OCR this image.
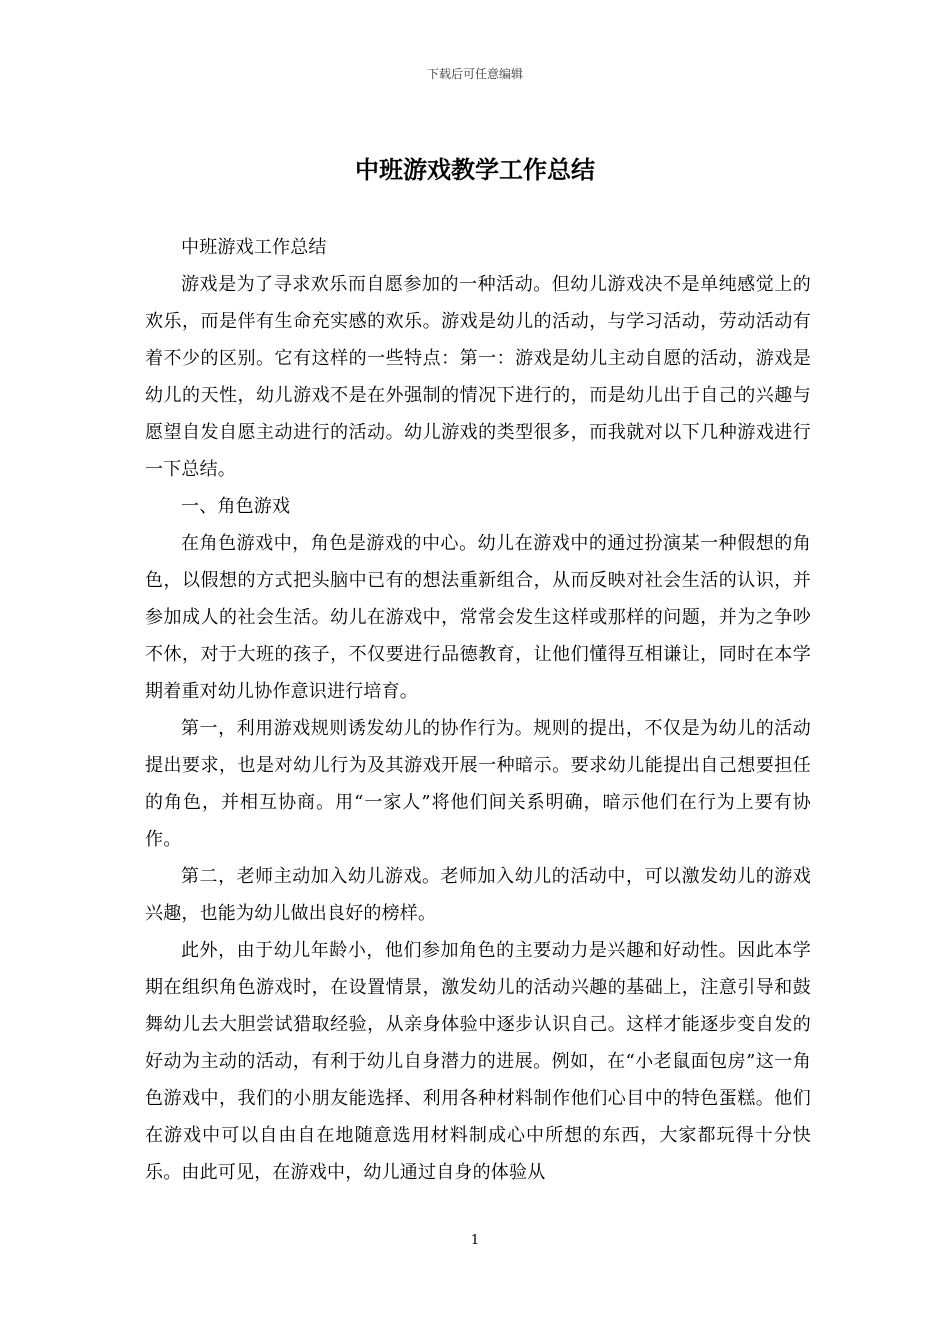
下载后可任意编辑
中班游戏教学工作总结

中班游戏工作总结

游戏是为了寻求欢乐而自愿参加的一种活动。但幼儿游戏决不是单纯感觉上的欢乐，而是伴有生命充实感的欢乐。游戏是幼儿的活动，与学习活动，劳动活动有着不少的区别。它有这样的一些特点：第一：游戏是幼儿主动自愿的活动，游戏是幼儿的天性，幼儿游戏不是在外强制的情况下进行的，而是幼儿出于自己的兴趣与愿望自发自愿主动进行的活动。幼儿游戏的类型很多，而我就对以下几种游戏进行一下总结。

一、角色游戏

在角色游戏中，角色是游戏的中心。幼儿在游戏中的通过扮演某一种假想的角色，以假想的方式把头脑中已有的想法重新组合，从而反映对社会生活的认识，并参加成人的社会生活。幼儿在游戏中，常常会发生这样或那样的问题，并为之争吵不休，对于大班的孩子，不仅要进行品德教育，让他们懂得互相谦让，同时在本学期着重对幼儿协作意识进行培育。

第一，利用游戏规则诱发幼儿的协作行为。规则的提出，不仅是为幼儿的活动提出要求，也是对幼儿行为及其游戏开展一种暗示。要求幼儿能提出自己想要担任的角色，并相互协商。用“一家人”将他们间关系明确，暗示他们在行为上要有协作。

第二，老师主动加入幼儿游戏。老师加入幼儿的活动中，可以激发幼儿的游戏兴趣，也能为幼儿做出良好的榜样。

此外，由于幼儿年龄小，他们参加角色的主要动力是兴趣和好动性。因此本学期在组织角色游戏时，在设置情景，激发幼儿的活动兴趣的基础上，注意引导和鼓舞幼儿去大胆尝试猎取经验，从亲身体验中逐步认识自己。这样才能逐步变自发的好动为主动的活动，有利于幼儿自身潜力的进展。例如，在“小老鼠面包房”这一角色游戏中，我们的小朋友能选择、利用各种材料制作他们心目中的特色蛋糕。他们在游戏中可以自由自在地随意选用材料制成心中所想的东西，大家都玩得十分快乐。由此可见，在游戏中，幼儿通过自身的体验从

1
